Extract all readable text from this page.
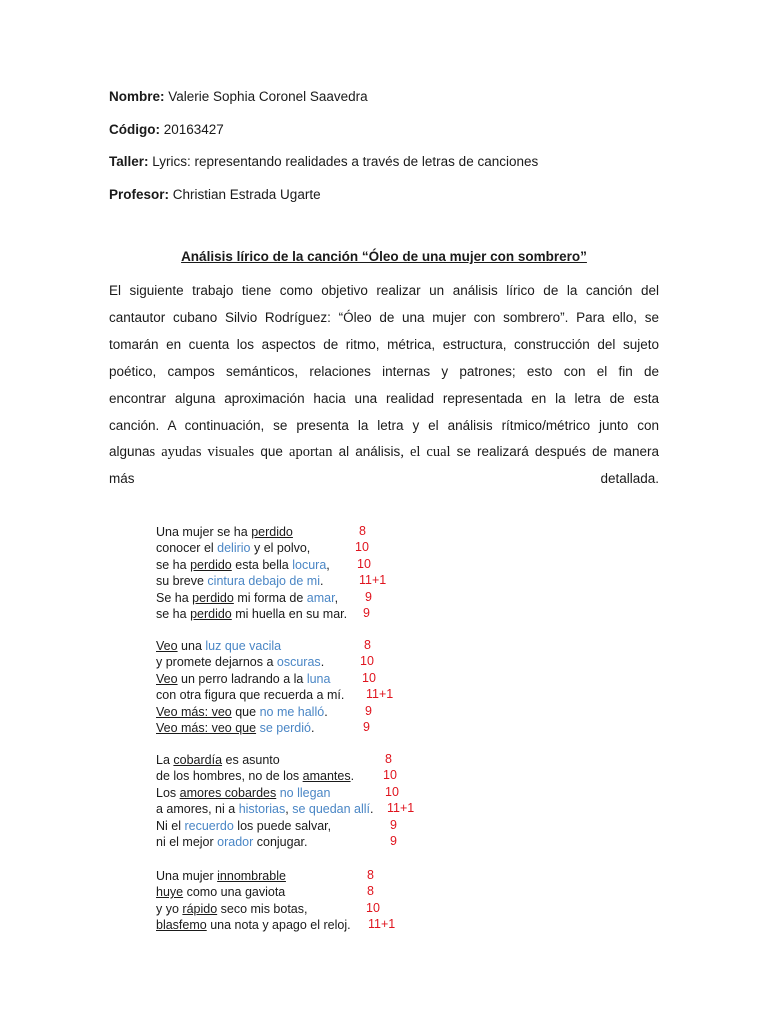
Nombre: Valerie Sophia Coronel Saavedra
Código: 20163427
Taller: Lyrics: representando realidades a través de letras de canciones
Profesor: Christian Estrada Ugarte
Análisis lírico de la canción “Óleo de una mujer con sombrero”
El siguiente trabajo tiene como objetivo realizar un análisis lírico de la canción del
cantautor cubano Silvio Rodríguez: “Óleo de una mujer con sombrero”. Para ello, se
tomarán en cuenta los aspectos de ritmo, métrica, estructura, construcción del sujeto
poético, campos semánticos, relaciones internas y patrones; esto con el fin de
encontrar alguna aproximación hacia una realidad representada en la letra de esta
canción. A continuación, se presenta la letra y el análisis rítmico/métrico junto con
algunas ayudas visuales que aportan al análisis, el cual se realizará después de manera
más	detallada.
Una mujer se ha perdido	8
conocer el delirio y el polvo,	10
se ha perdido esta bella locura, 10
su breve cintura debajo de mi.	11+1
Se ha perdido mi forma de amar, 9
se ha perdido mi huella en su mar. 9
Veo una luz que vacila	8
y promete dejarnos a oscuras.	10
Veo un perro ladrando a la luna	10
con otra figura que recuerda a mí. 11+1
Veo más: veo que no me halló.	9
Veo más: veo que se perdió.	9
La cobardía es asunto	8
de los hombres, no de los amantes. 10
Los amores cobardes no llegan	10
a amores, ni a historias, se quedan allí. 11+1
Ni el recuerdo los puede salvar,	9
ni el mejor orador conjugar.	9
Una mujer innombrable	8
huye como una gaviota	8
y yo rápido seco mis botas,	10
blasfemo una nota y apago el reloj. 11+1
